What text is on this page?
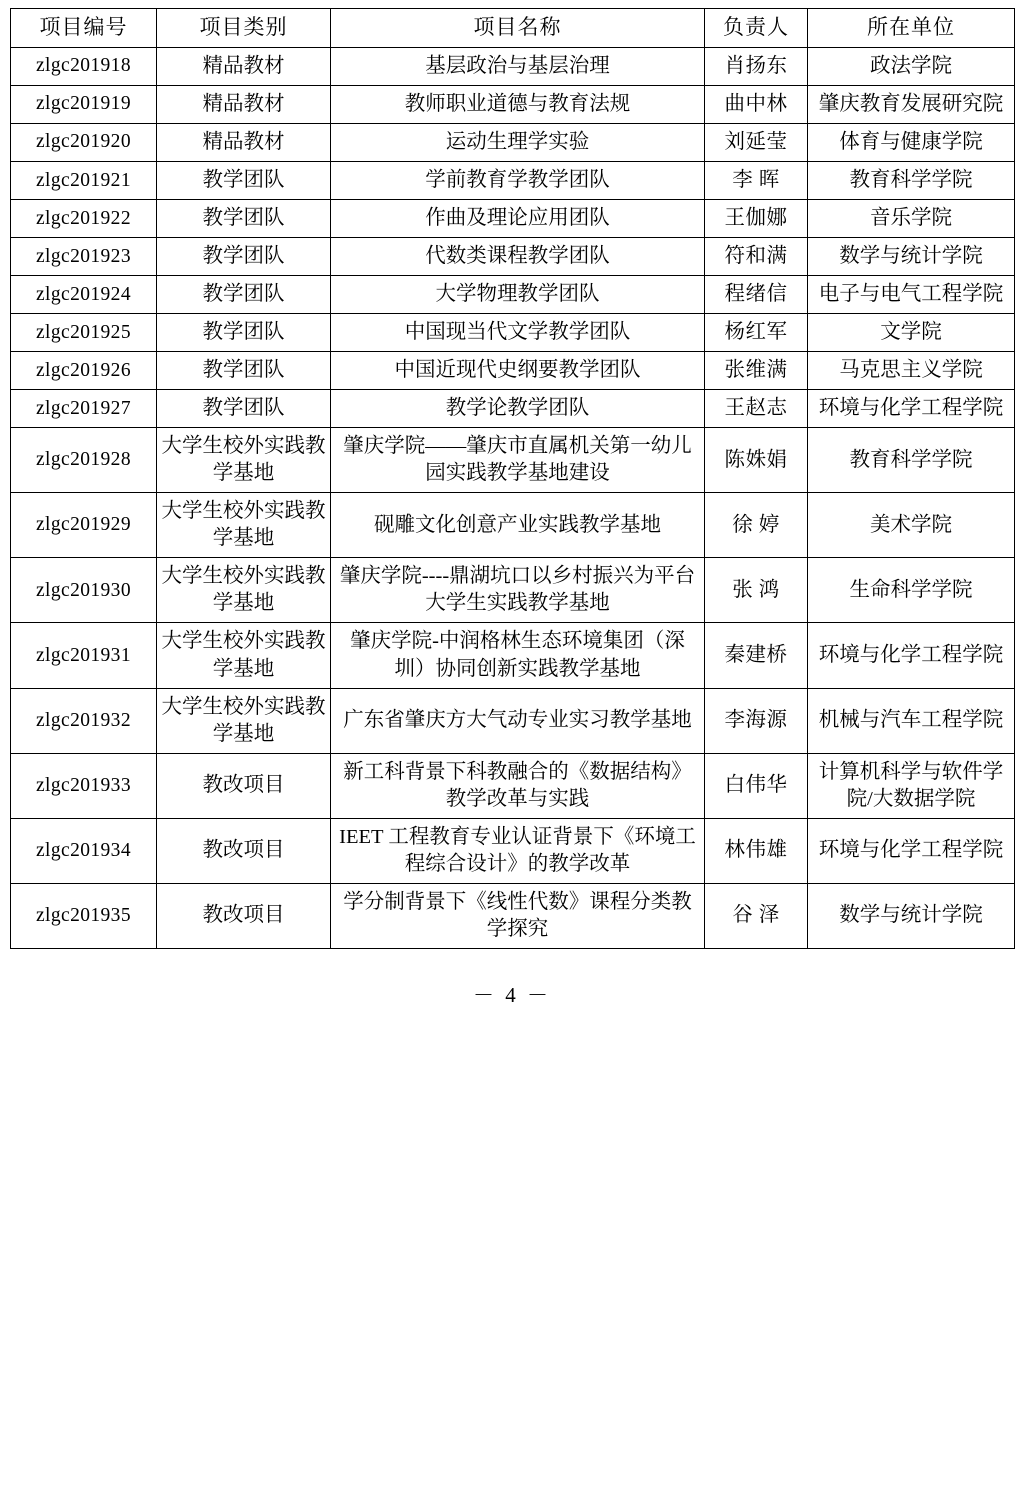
项目编号	项目类别	项目名称	负责人	所在单位
zlgc201918	精品教材	基层政治与基层治理	肖扬东	政法学院
zlgc201919	精品教材	教师职业道德与教育法规	曲中林	肇庆教育发展研究院
zlgc201920	精品教材	运动生理学实验	刘延莹	体育与健康学院
zlgc201921	教学团队	学前教育学教学团队	李 晖	教育科学学院
zlgc201922	教学团队	作曲及理论应用团队	王伽娜	音乐学院
zlgc201923	教学团队	代数类课程教学团队	符和满	数学与统计学院
zlgc201924	教学团队	大学物理教学团队	程绪信	电子与电气工程学院
zlgc201925	教学团队	中国现当代文学教学团队	杨红军	文学院
zlgc201926	教学团队	中国近现代史纲要教学团队	张维满	马克思主义学院
zlgc201927	教学团队	教学论教学团队	王赵志	环境与化学工程学院
zlgc201928	大学生校外实践教学基地	肇庆学院——肇庆市直属机关第一幼儿园实践教学基地建设	陈姝娟	教育科学学院
zlgc201929	大学生校外实践教学基地	砚雕文化创意产业实践教学基地	徐 婷	美术学院
zlgc201930	大学生校外实践教学基地	肇庆学院----鼎湖坑口以乡村振兴为平台大学生实践教学基地	张 鸿	生命科学学院
zlgc201931	大学生校外实践教学基地	肇庆学院-中润格林生态环境集团（深圳）协同创新实践教学基地	秦建桥	环境与化学工程学院
zlgc201932	大学生校外实践教学基地	广东省肇庆方大气动专业实习教学基地	李海源	机械与汽车工程学院
zlgc201933	教改项目	新工科背景下科教融合的《数据结构》教学改革与实践	白伟华	计算机科学与软件学院/大数据学院
zlgc201934	教改项目	IEET 工程教育专业认证背景下《环境工程综合设计》的教学改革	林伟雄	环境与化学工程学院
zlgc201935	教改项目	学分制背景下《线性代数》课程分类教学探究	谷 泽	数学与统计学院
－ 4 －
